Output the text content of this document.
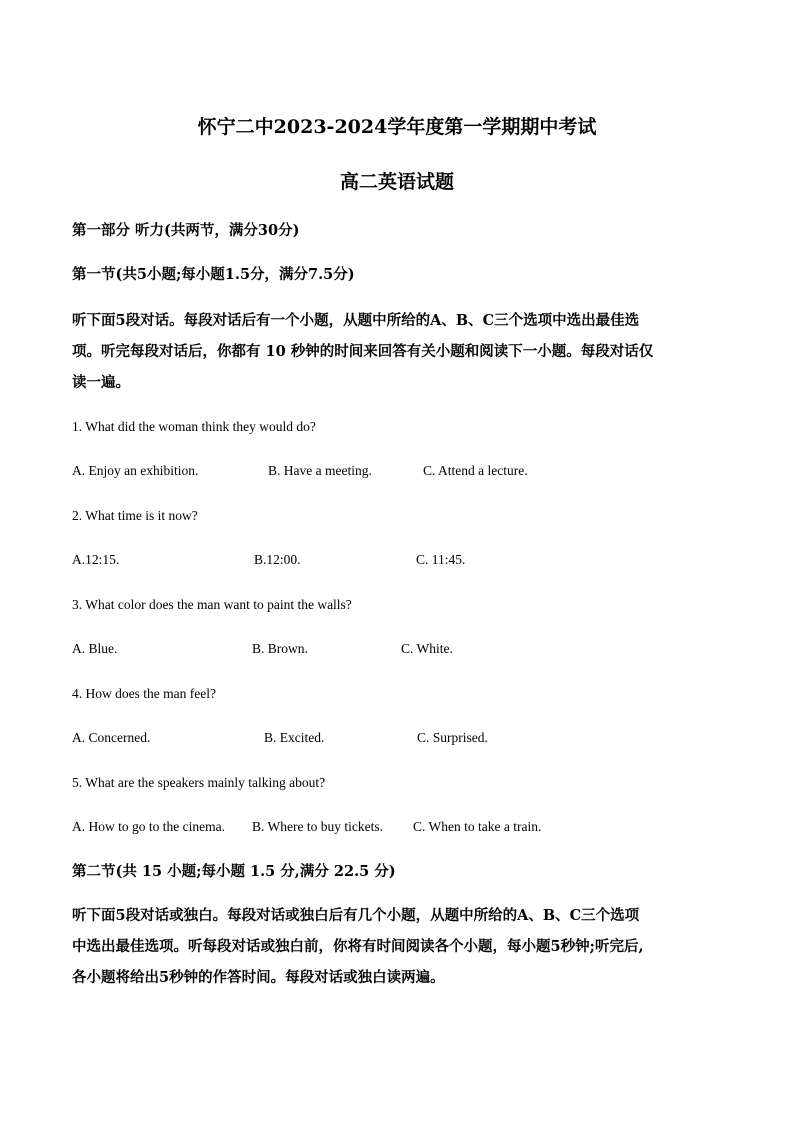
怀宁二中2023-2024学年度第一学期期中考试
高二英语试题
第一部分 听力(共两节，满分30分)
第一节(共5小题;每小题1.5分，满分7.5分)
听下面5段对话。每段对话后有一个小题，从题中所给的A、B、C三个选项中选出最佳选
项。听完每段对话后，你都有 10 秒钟的时间来回答有关小题和阅读下一小题。每段对话仅
读一遍。
1. What did the woman think they would do?
A. Enjoy an exhibition.	B. Have a meeting.	C. Attend a lecture.
2. What time is it now?
A.12:15.	B.12:00.	C. 11:45.
3. What color does the man want to paint the walls?
A. Blue.	B. Brown.	C. White.
4. How does the man feel?
A. Concerned.	B. Excited.	C. Surprised.
5. What are the speakers mainly talking about?
A. How to go to the cinema. B. Where to buy tickets. C. When to take a train.
第二节(共 15 小题;每小题 1.5 分,满分 22.5 分)
听下面5段对话或独白。每段对话或独白后有几个小题，从题中所给的A、B、C三个选项
中选出最佳选项。听每段对话或独白前，你将有时间阅读各个小题，每小题5秒钟;听完后,
各小题将给出5秒钟的作答时间。每段对话或独白读两遍。
